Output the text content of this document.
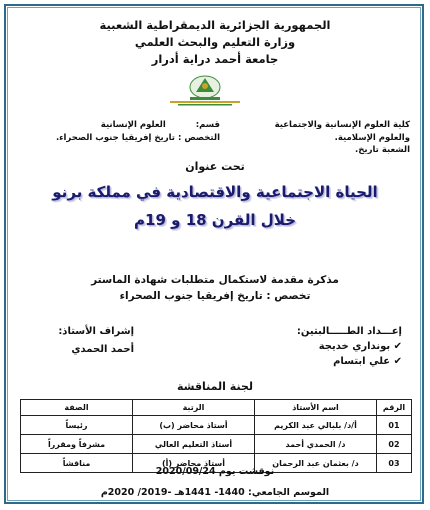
الجمهورية الجزائرية الديمقراطية الشعبية
وزارة التعليم والبحث العلمي
جامعة أحمد دراية أدرار
كلية العلوم الإنسانية والاجتماعية
والعلوم الإسلامية.
الشعبة تاريخ.
قسم:  العلوم الإنسانية
التخصص : تاريخ إفريقيا جنوب الصحراء.
تحت عنوان
الحياة الاجتماعية والاقتصادية في مملكة برنو
خلال القرن 18 و 19م
مذكرة مقدمة لاستكمال متطلبات شهادة الماستر
تخصص : تاريخ إفريقيا جنوب الصحراء
إعـــداد الطـــــالبتين:
✔ بونداري خديجة
✔ علي ابتسام
إشراف الأستاذ:
أحمد الحمدي
لجنة المناقشة
الرقم	اسم الأستاذ	الرتبة	الصفة
01	أ/د/ بلبالي عبد الكريم	أستاذ محاضر (ب)	رئيساً
02	د/ الحمدي أحمد	أستاذ التعليم العالي	مشرفاً ومقرراً
03	د/ بعثمان عبد الرحمان	أستاذ محاضر (أ)	مناقشاً
نوقشت يوم 2020/09/24
الموسم الجامعي: 1440- 1441هـ -2019/ 2020م
